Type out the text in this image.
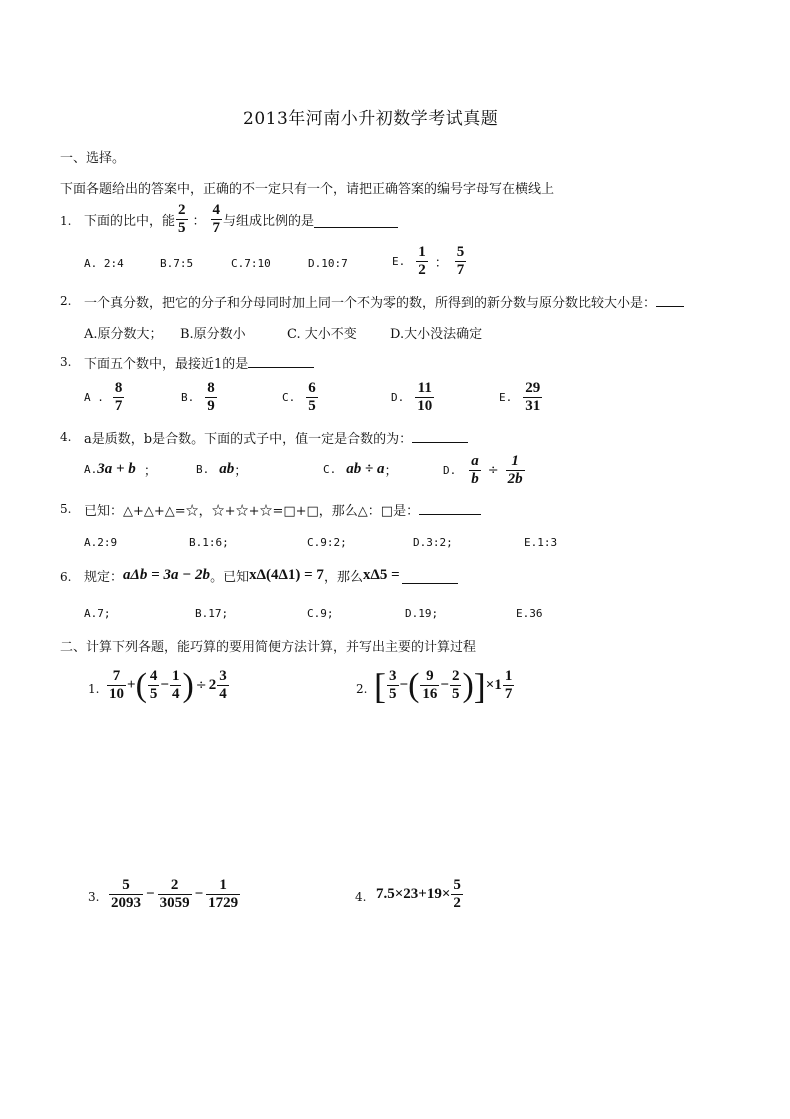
2013年河南小升初数学考试真题
一、选择。
下面各题给出的答案中，正确的不一定只有一个，请把正确答案的编号字母写在横线上
1. 下面的比中，能 $\frac{2}{5}$ ： $\frac{4}{7}$ 与组成比例的是
A. 2:4	B.7:5	C.7:10	D.10:7	E. $\frac{1}{2}$ ： $\frac{5}{7}$
2. 一个真分数，把它的分子和分母同时加上同一个不为零的数，所得到的新分数与原分数比较大小是：
A.原分数大； B.原分数小	C. 大小不变	D.大小没法确定
3. 下面五个数中，最接近1的是
A . $\frac{8}{7}$	B. $\frac{8}{9}$	C. $\frac{6}{5}$	D. $\frac{11}{10}$	E. $\frac{29}{31}$
4. a是质数，b是合数。下面的式子中，值一定是合数的为：
A. 3a + b ；	B. ab ；	C. ab ÷ a ；	D. $\frac{a}{b} \div \frac{1}{2b}$
5. 已知：△+△+△=☆，☆+☆+☆=□+□，那么△：□是：
A.2:9	B.1:6;	C.9:2;	D.3:2;	E.1:3
6. 规定： aΔb = 3a − 2b 。已知 xΔ(4Δ1) = 7 ，那么 xΔ5 =
A.7;	B.17;	C.9;	D.19;	E.36
二、计算下列各题，能巧算的要用简便方法计算，并写出主要的计算过程
1. $\frac{7}{10}$ + ( $\frac{4}{5} - \frac{1}{4}$ ) ÷ $2 \frac{3}{4}$	2. [ $\frac{3}{5}$ − ( $\frac{9}{16} - \frac{2}{5}$ ) ] × $1 \frac{1}{7}$
3. $\frac{5}{2093} - \frac{2}{3059} - \frac{1}{1729}$	4. $7.5\times 23+19\times \frac{5}{2}$
